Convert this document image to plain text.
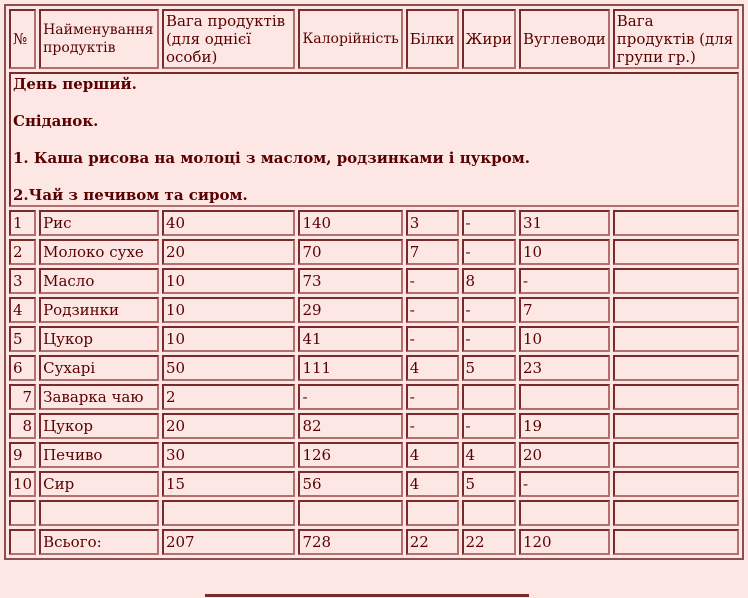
№	Найменування продуктів	Вага продуктів (для однієї особи)	Калорійність	Білки	Жири	Вуглеводи	Вага продуктів (для групи гр.)

День перший.

Сніданок.

1. Каша рисова на молоці з маслом, родзинками і цукром.

2.Чай з печивом та сиром.							

1	Рис	40	140	3	-	31	
2	Молоко сухе	20	70	7	-	10	
3	Масло	10	73	-	8	-	
4	Родзинки	10	29	-	-	7	
5	Цукор	10	41	-	-	10	
6	Сухарі	50	111	4	5	23	
7	Заварка чаю	2	-	-			
8	Цукор	20	82	-	-	19	
9	Печиво	30	126	4	4	20	
10	Сир	15	56	4	5	-	

	Всього:	207	728	22	22	120	
